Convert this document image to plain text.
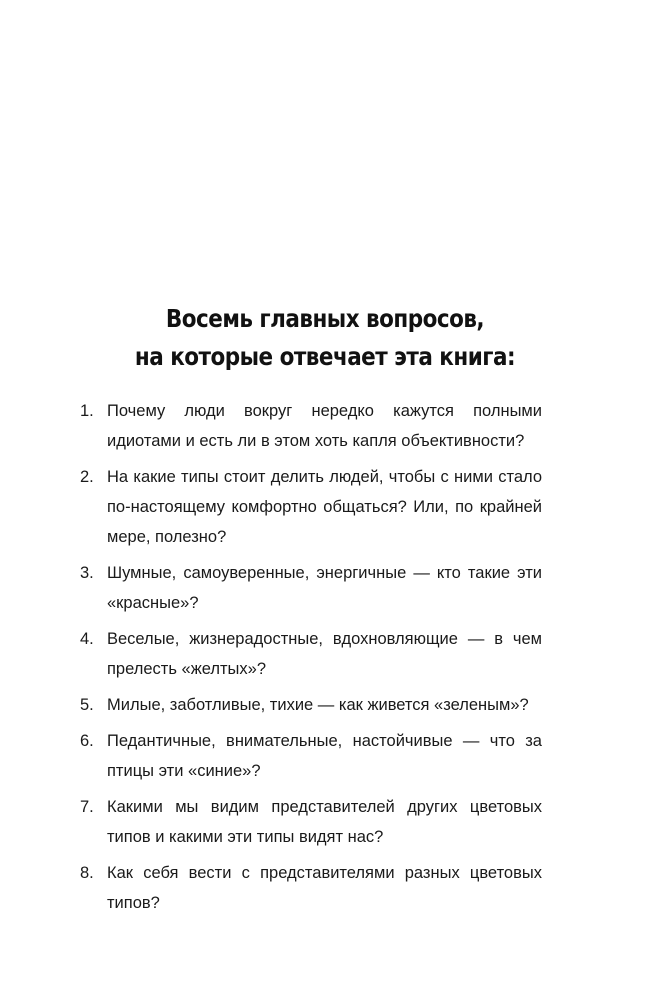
Восемь главных вопросов,
на которые отвечает эта книга:
1. Почему люди вокруг нередко кажутся полными идиотами и есть ли в этом хоть капля объективности?
2. На какие типы стоит делить людей, чтобы с ними стало по-настоящему комфортно общаться? Или, по крайней мере, полезно?
3. Шумные, самоуверенные, энергичные — кто такие эти «красные»?
4. Веселые, жизнерадостные, вдохновляющие — в чем прелесть «желтых»?
5. Милые, заботливые, тихие — как живется «зеленым»?
6. Педантичные, внимательные, настойчивые — что за птицы эти «синие»?
7. Какими мы видим представителей других цветовых типов и какими эти типы видят нас?
8. Как себя вести с представителями разных цветовых типов?
